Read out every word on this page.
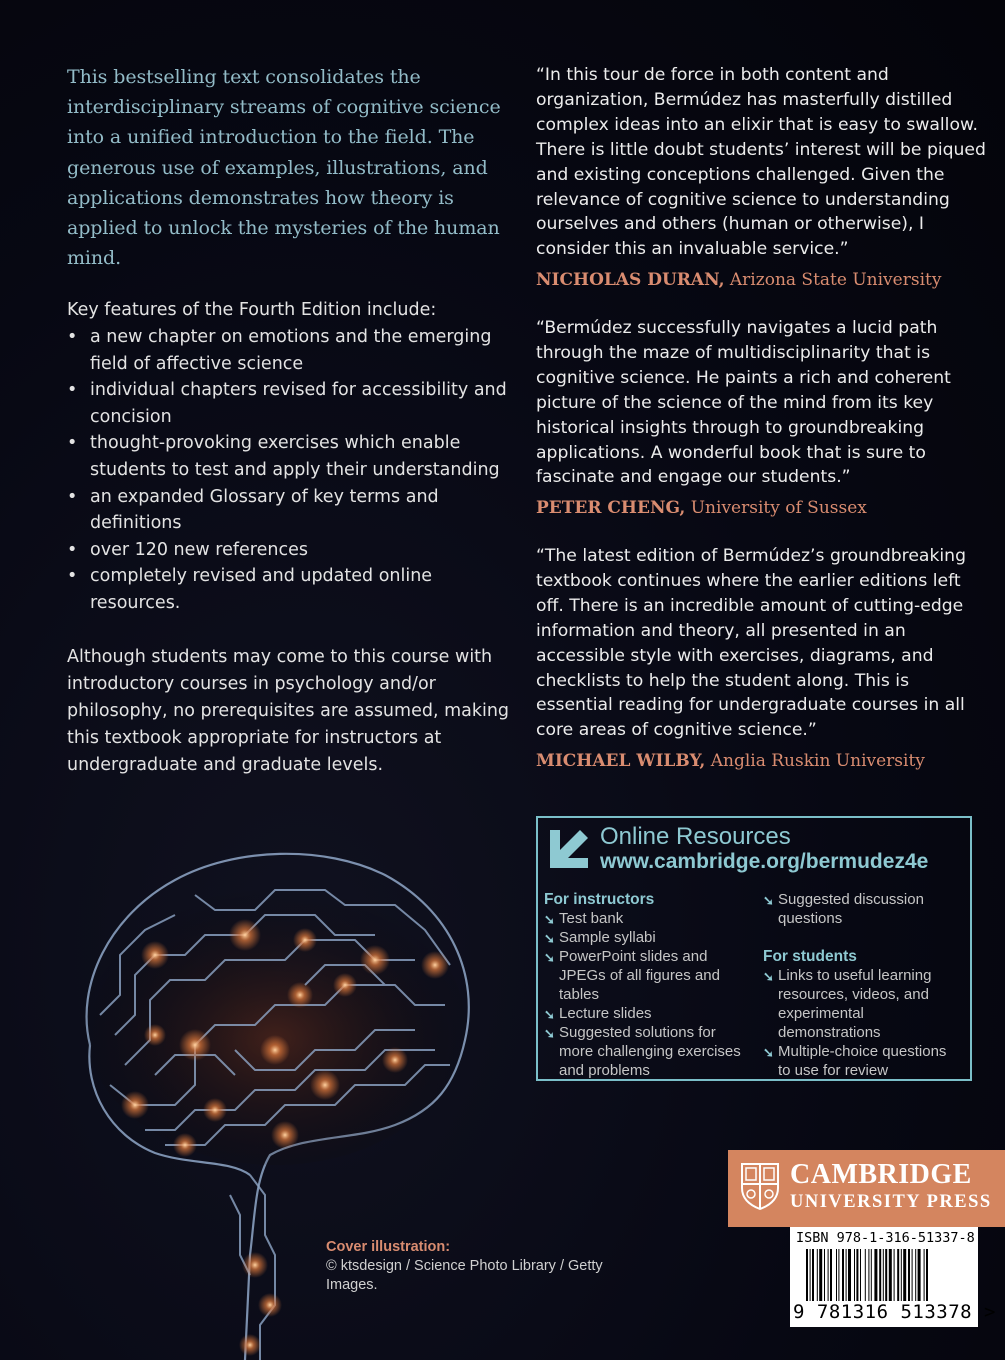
This bestselling text consolidates the interdisciplinary streams of cognitive science into a unified introduction to the field. The generous use of examples, illustrations, and applications demonstrates how theory is applied to unlock the mysteries of the human mind.

Key features of the Fourth Edition include:

• a new chapter on emotions and the emerging field of affective science
• individual chapters revised for accessibility and concision
• thought-provoking exercises which enable students to test and apply their understanding
• an expanded Glossary of key terms and definitions
• over 120 new references
• completely revised and updated online resources.

Although students may come to this course with introductory courses in psychology and/or philosophy, no prerequisites are assumed, making this textbook appropriate for instructors at undergraduate and graduate levels.

“In this tour de force in both content and organization, Bermúdez has masterfully distilled complex ideas into an elixir that is easy to swallow. There is little doubt students’ interest will be piqued and existing conceptions challenged. Given the relevance of cognitive science to understanding ourselves and others (human or otherwise), I consider this an invaluable service.”

NICHOLAS DURAN, Arizona State University

“Bermúdez successfully navigates a lucid path through the maze of multidisciplinarity that is cognitive science. He paints a rich and coherent picture of the science of the mind from its key historical insights through to groundbreaking applications. A wonderful book that is sure to fascinate and engage our students.”

PETER CHENG, University of Sussex

“The latest edition of Bermúdez’s groundbreaking textbook continues where the earlier editions left off. There is an incredible amount of cutting-edge information and theory, all presented in an accessible style with exercises, diagrams, and checklists to help the student along. This is essential reading for undergraduate courses in all core areas of cognitive science.”

MICHAEL WILBY, Anglia Ruskin University

Online Resources
www.cambridge.org/bermudez4e
For instructors
➘ Test bank
➘ Sample syllabi
➘ PowerPoint slides and JPEGs of all figures and tables
➘ Lecture slides
➘ Suggested solutions for more challenging exercises and problems
➘ Suggested discussion questions
For students
➘ Links to useful learning resources, videos, and experimental demonstrations
➘ Multiple-choice questions to use for review

Cover illustration:
© ktsdesign / Science Photo Library / Getty Images.

CAMBRIDGE
UNIVERSITY PRESS
ISBN 978-1-316-51337-8
9 781316 513378 >
